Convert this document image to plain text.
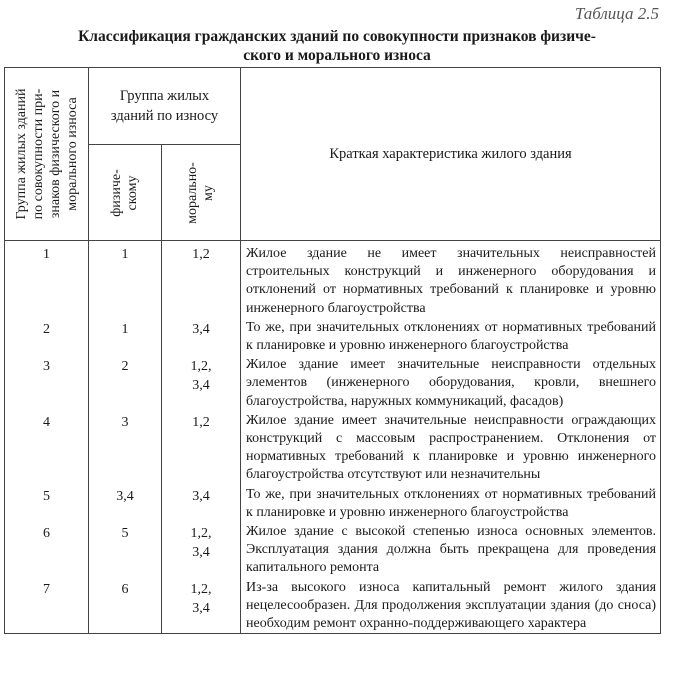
Таблица 2.5
Классификация гражданских зданий по совокупности признаков физиче-
ского и морального износа
Группа жилых зданий
по совокупности при-
знаков физического и
морального износа	Группа жилых
зданий по износу		Краткая характеристика жилого здания

	физиче-
скому	морально-
му	

1	1	1,2	Жилое здание не имеет значительных неисправностей строительных конструкций и инженерного оборудования и отклонений от нормативных требований к планировке и уровню инженерного благоустройства
2	1	3,4	То же, при значительных отклонениях от нормативных требований к планировке и уровню инженерного благоустройства
3	2	1,2,
3,4	Жилое здание имеет значительные неисправности отдельных элементов (инженерного оборудования, кровли, внешнего благоустройства, наружных коммуникаций, фасадов)
4	3	1,2	Жилое здание имеет значительные неисправности ограждающих конструкций с массовым распространением. Отклонения от нормативных требований к планировке и уровню инженерного благоустройства отсутствуют или незначительны
5	3,4	3,4	То же, при значительных отклонениях от нормативных требований к планировке и уровню инженерного благоустройства
6	5	1,2,
3,4	Жилое здание с высокой степенью износа основных элементов. Эксплуатация здания должна быть прекращена для проведения капитального ремонта
7	6	1,2,
3,4	Из-за высокого износа капитальный ремонт жилого здания нецелесообразен. Для продолжения эксплуатации здания (до сноса) необходим ремонт охранно-поддерживающего характера
